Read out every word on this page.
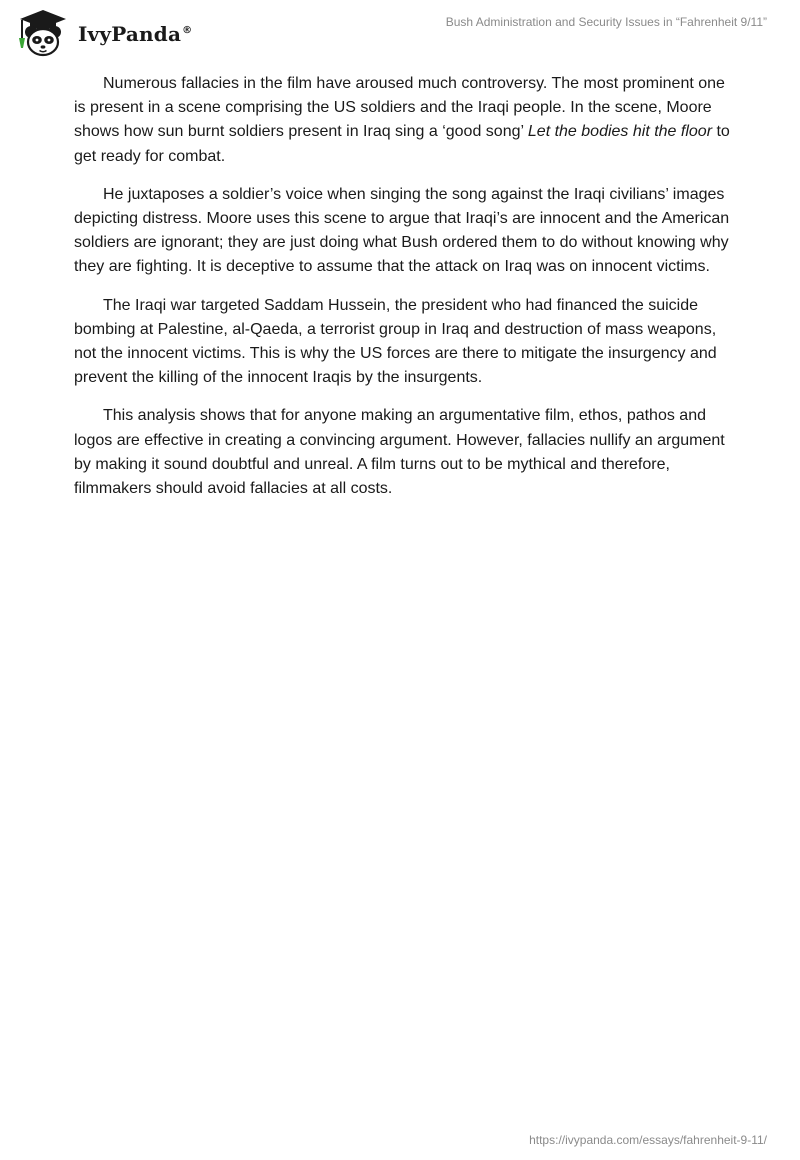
IvyPanda®
Bush Administration and Security Issues in “Fahrenheit 9/11”

Numerous fallacies in the film have aroused much controversy. The most prominent one is present in a scene comprising the US soldiers and the Iraqi people. In the scene, Moore shows how sun burnt soldiers present in Iraq sing a ‘good song’ Let the bodies hit the floor to get ready for combat.

He juxtaposes a soldier’s voice when singing the song against the Iraqi civilians’ images depicting distress. Moore uses this scene to argue that Iraqi’s are innocent and the American soldiers are ignorant; they are just doing what Bush ordered them to do without knowing why they are fighting. It is deceptive to assume that the attack on Iraq was on innocent victims.

The Iraqi war targeted Saddam Hussein, the president who had financed the suicide bombing at Palestine, al-Qaeda, a terrorist group in Iraq and destruction of mass weapons, not the innocent victims. This is why the US forces are there to mitigate the insurgency and prevent the killing of the innocent Iraqis by the insurgents.

This analysis shows that for anyone making an argumentative film, ethos, pathos and logos are effective in creating a convincing argument. However, fallacies nullify an argument by making it sound doubtful and unreal. A film turns out to be mythical and therefore, filmmakers should avoid fallacies at all costs.

https://ivypanda.com/essays/fahrenheit-9-11/
